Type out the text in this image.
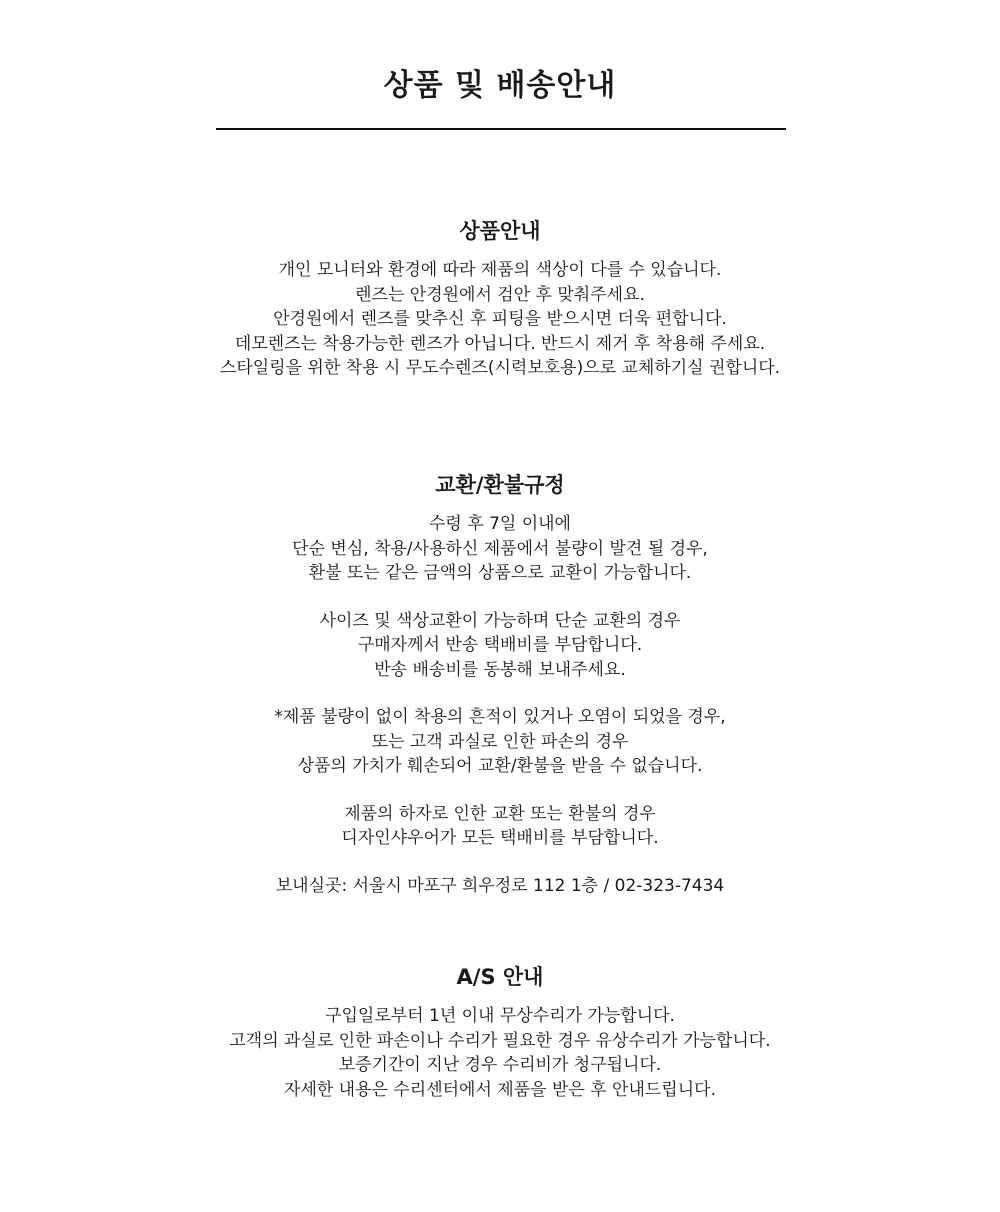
상품 및 배송안내
상품안내
개인 모니터와 환경에 따라 제품의 색상이 다를 수 있습니다.
렌즈는 안경원에서 검안 후 맞춰주세요.
안경원에서 렌즈를 맞추신 후 피팅을 받으시면 더욱 편합니다.
데모렌즈는 착용가능한 렌즈가 아닙니다. 반드시 제거 후 착용해 주세요.
스타일링을 위한 착용 시 무도수렌즈(시력보호용)으로 교체하기실 권합니다.
교환/환불규정
수령 후 7일 이내에
단순 변심, 착용/사용하신 제품에서 불량이 발견 될 경우,
환불 또는 같은 금액의 상품으로 교환이 가능합니다.
사이즈 및 색상교환이 가능하며 단순 교환의 경우
구매자께서 반송 택배비를 부담합니다.
반송 배송비를 동봉해 보내주세요.
*제품 불량이 없이 착용의 흔적이 있거나 오염이 되었을 경우,
또는 고객 과실로 인한 파손의 경우
상품의 가치가 훼손되어 교환/환불을 받을 수 없습니다.
제품의 하자로 인한 교환 또는 환불의 경우
디자인샤우어가 모든 택배비를 부담합니다.
보내실곳: 서울시 마포구 희우정로 112 1층 / 02-323-7434
A/S 안내
구입일로부터 1년 이내 무상수리가 가능합니다.
고객의 과실로 인한 파손이나 수리가 필요한 경우 유상수리가 가능합니다.
보증기간이 지난 경우 수리비가 청구됩니다.
자세한 내용은 수리센터에서 제품을 받은 후 안내드립니다.
